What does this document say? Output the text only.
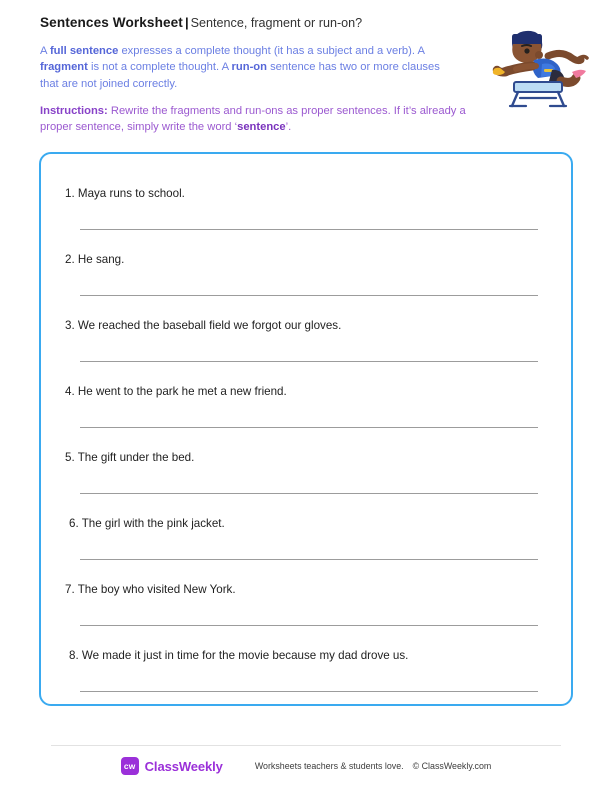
Sentences Worksheet | Sentence, fragment or run-on?
A full sentence expresses a complete thought (it has a subject and a verb). A fragment is not a complete thought. A run-on sentence has two or more clauses that are not joined correctly.
Instructions: Rewrite the fragments and run-ons as proper sentences. If it’s already a proper sentence, simply write the word ‘sentence’.
1. Maya runs to school.
2. He sang.
3. We reached the baseball field we forgot our gloves.
4. He went to the park he met a new friend.
5. The gift under the bed.
6. The girl with the pink jacket.
7. The boy who visited New York.
8. We made it just in time for the movie because my dad drove us.
cw ClassWeekly	Worksheets teachers & students love. © ClassWeekly.com
